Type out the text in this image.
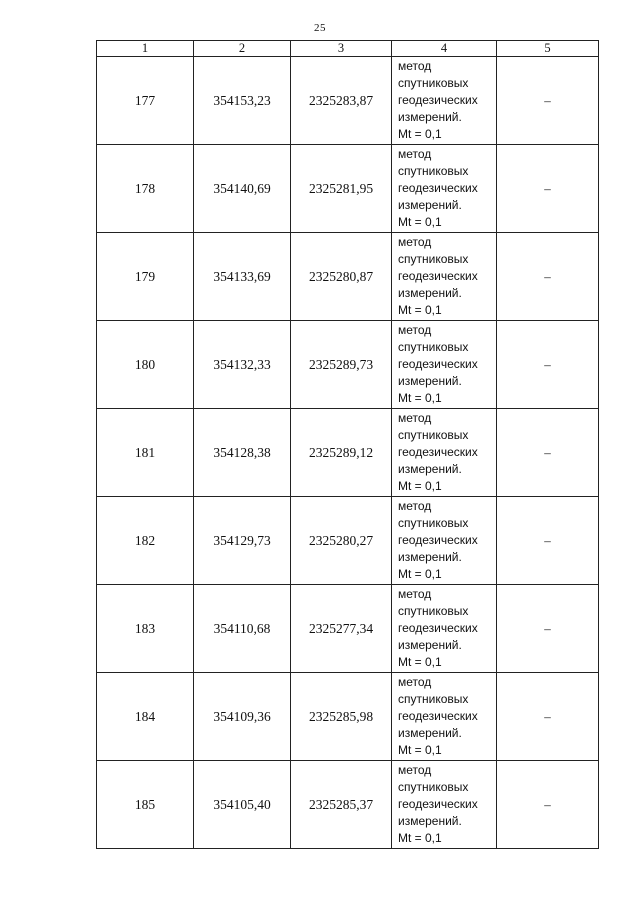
25
1	2	3	4	5
177	354153,23	2325283,87	метод
спутниковых
геодезических
измерений.
Mt = 0,1	–
178	354140,69	2325281,95	метод
спутниковых
геодезических
измерений.
Mt = 0,1	–
179	354133,69	2325280,87	метод
спутниковых
геодезических
измерений.
Mt = 0,1	–
180	354132,33	2325289,73	метод
спутниковых
геодезических
измерений.
Mt = 0,1	–
181	354128,38	2325289,12	метод
спутниковых
геодезических
измерений.
Mt = 0,1	–
182	354129,73	2325280,27	метод
спутниковых
геодезических
измерений.
Mt = 0,1	–
183	354110,68	2325277,34	метод
спутниковых
геодезических
измерений.
Mt = 0,1	–
184	354109,36	2325285,98	метод
спутниковых
геодезических
измерений.
Mt = 0,1	–
185	354105,40	2325285,37	метод
спутниковых
геодезических
измерений.
Mt = 0,1	–
